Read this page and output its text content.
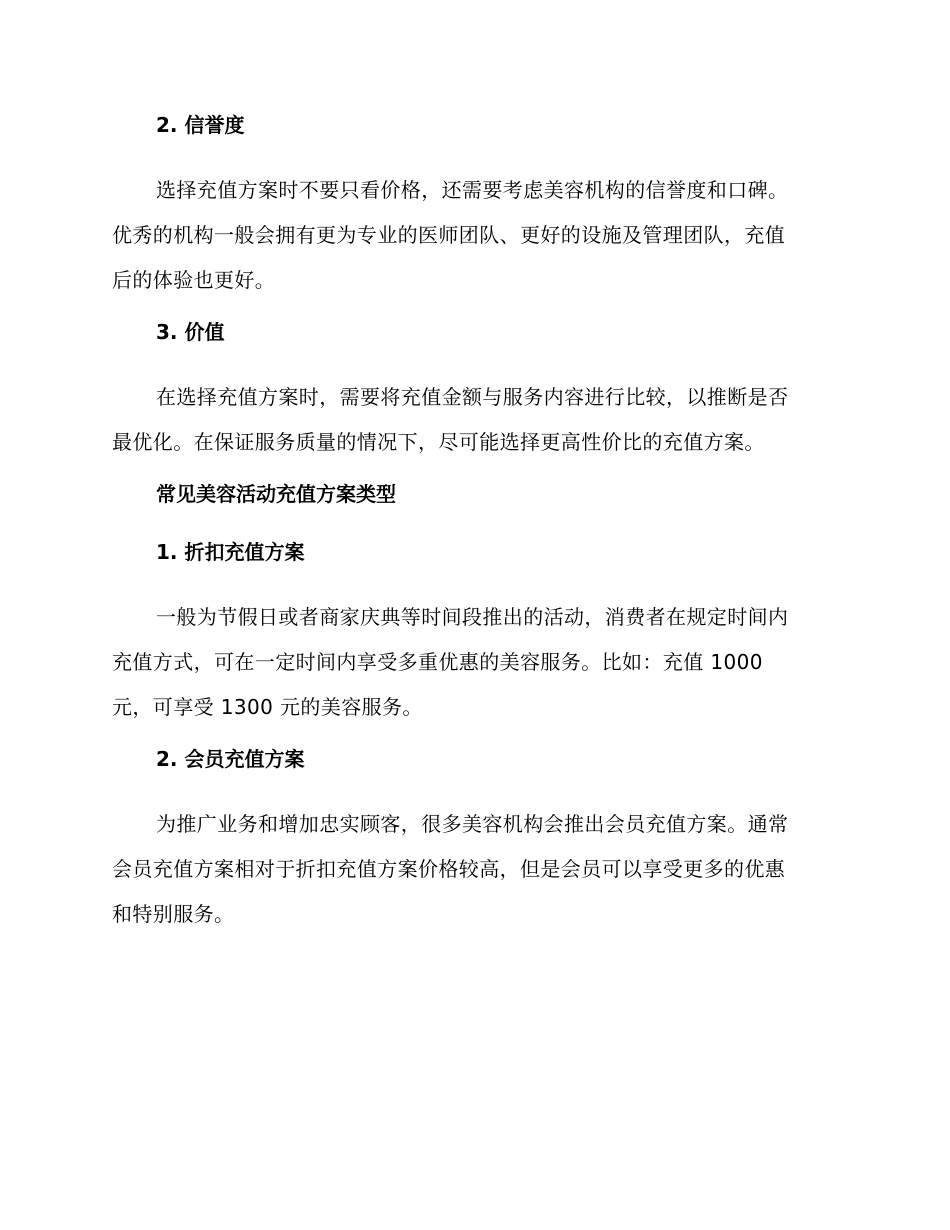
2. 信誉度
选择充值方案时不要只看价格，还需要考虑美容机构的信誉度和口碑。
优秀的机构一般会拥有更为专业的医师团队、更好的设施及管理团队，充值
后的体验也更好。
3. 价值
在选择充值方案时，需要将充值金额与服务内容进行比较，以推断是否
最优化。在保证服务质量的情况下，尽可能选择更高性价比的充值方案。
常见美容活动充值方案类型
1. 折扣充值方案
一般为节假日或者商家庆典等时间段推出的活动，消费者在规定时间内
充值方式，可在一定时间内享受多重优惠的美容服务。比如：充值 1000
元，可享受 1300 元的美容服务。
2. 会员充值方案
为推广业务和增加忠实顾客，很多美容机构会推出会员充值方案。通常
会员充值方案相对于折扣充值方案价格较高，但是会员可以享受更多的优惠
和特别服务。
